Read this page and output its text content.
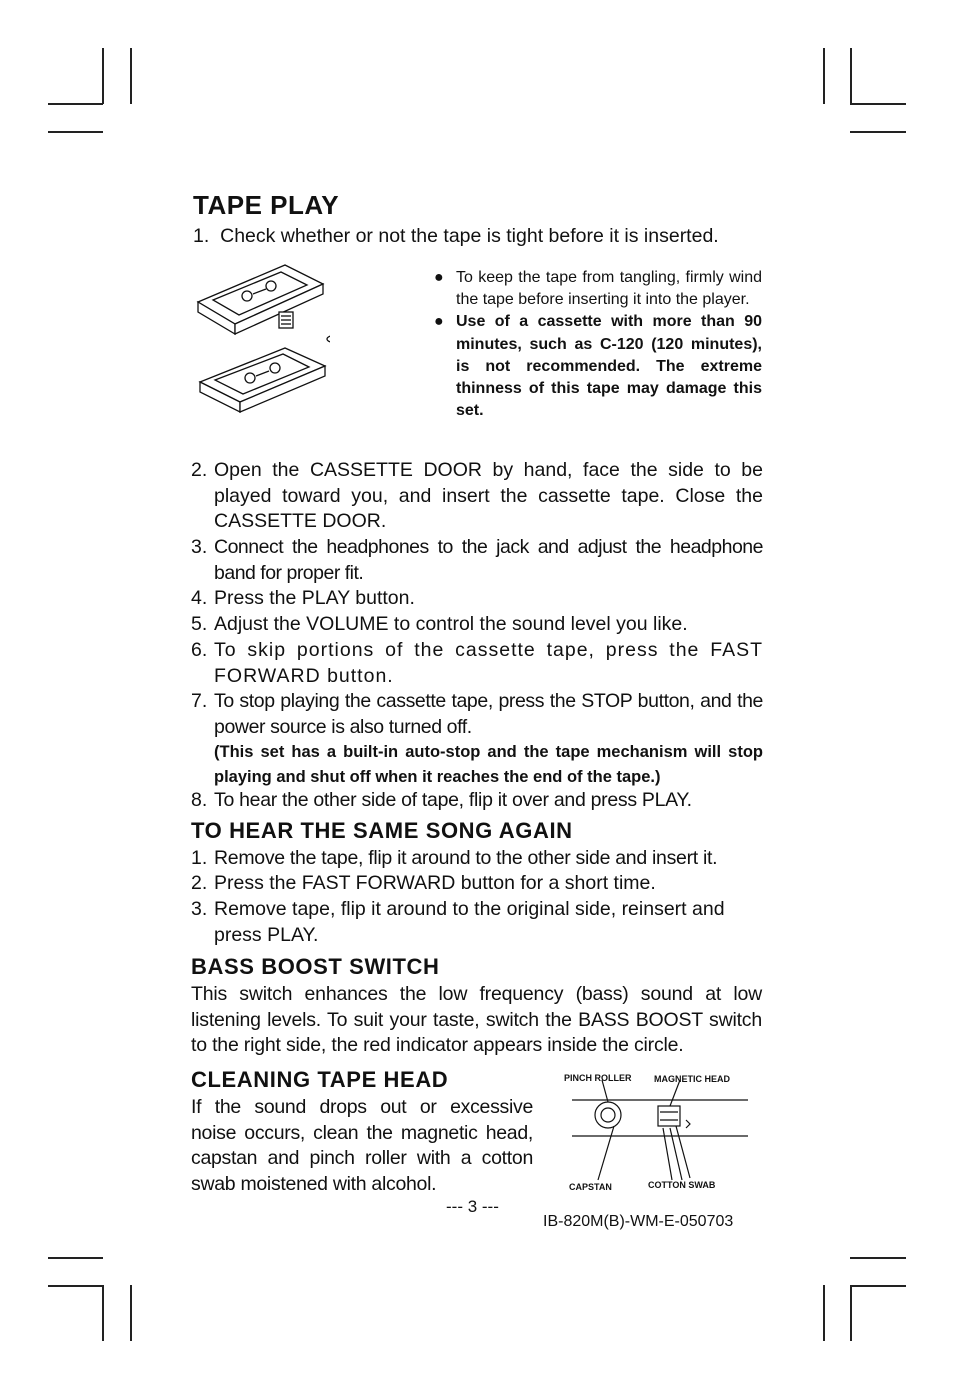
TAPE PLAY
1. Check whether or not the tape is tight before it is inserted.
● To keep the tape from tangling, firmly wind the tape before inserting it into the player.
● Use of a cassette with more than 90 minutes, such as C-120 (120 minutes), is not recommended. The extreme thinness of this tape may damage this set.
2. Open the CASSETTE DOOR by hand, face the side to be played toward you, and insert the cassette tape. Close the CASSETTE DOOR.
3. Connect the headphones to the jack and adjust the headphone band for proper fit.
4. Press the PLAY button.
5. Adjust the VOLUME to control the sound level you like.
6. To skip portions of the cassette tape, press the FAST FORWARD button.
7. To stop playing the cassette tape, press the STOP button, and the power source is also turned off.
(This set has a built-in auto-stop and the tape mechanism will stop playing and shut off when it reaches the end of the tape.)
8. To hear the other side of tape, flip it over and press PLAY.
TO HEAR THE SAME SONG AGAIN
1. Remove the tape, flip it around to the other side and insert it.
2. Press the FAST FORWARD button for a short time.
3. Remove tape, flip it around to the original side, reinsert and press PLAY.
BASS BOOST SWITCH
This switch enhances the low frequency (bass) sound at low listening levels. To suit your taste, switch the BASS BOOST switch to the right side, the red indicator appears inside the circle.
CLEANING TAPE HEAD
If the sound drops out or excessive noise occurs, clean the magnetic head, capstan and pinch roller with a cotton swab moistened with alcohol.
PINCH ROLLER	MAGNETIC HEAD
CAPSTAN	COTTON SWAB
--- 3 ---
IB-820M(B)-WM-E-050703
